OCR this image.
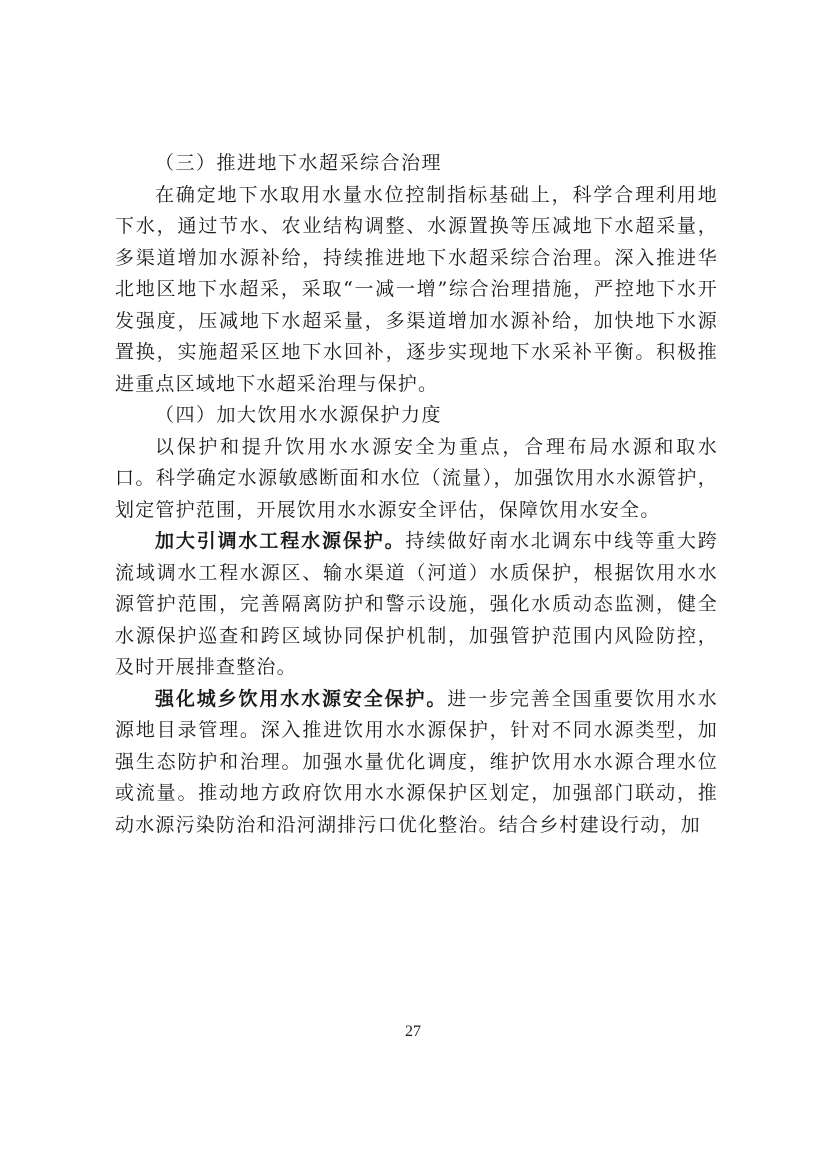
（三）推进地下水超采综合治理

在确定地下水取用水量水位控制指标基础上，科学合理利用地下水，通过节水、农业结构调整、水源置换等压减地下水超采量，多渠道增加水源补给，持续推进地下水超采综合治理。深入推进华北地区地下水超采，采取“一减一增”综合治理措施，严控地下水开发强度，压减地下水超采量，多渠道增加水源补给，加快地下水源置换，实施超采区地下水回补，逐步实现地下水采补平衡。积极推进重点区域地下水超采治理与保护。

（四）加大饮用水水源保护力度

以保护和提升饮用水水源安全为重点，合理布局水源和取水口。科学确定水源敏感断面和水位（流量），加强饮用水水源管护，划定管护范围，开展饮用水水源安全评估，保障饮用水安全。

加大引调水工程水源保护。持续做好南水北调东中线等重大跨流域调水工程水源区、输水渠道（河道）水质保护，根据饮用水水源管护范围，完善隔离防护和警示设施，强化水质动态监测，健全水源保护巡查和跨区域协同保护机制，加强管护范围内风险防控，及时开展排查整治。

强化城乡饮用水水源安全保护。进一步完善全国重要饮用水水源地目录管理。深入推进饮用水水源保护，针对不同水源类型，加强生态防护和治理。加强水量优化调度，维护饮用水水源合理水位或流量。推动地方政府饮用水水源保护区划定，加强部门联动，推动水源污染防治和沿河湖排污口优化整治。结合乡村建设行动，加

27
